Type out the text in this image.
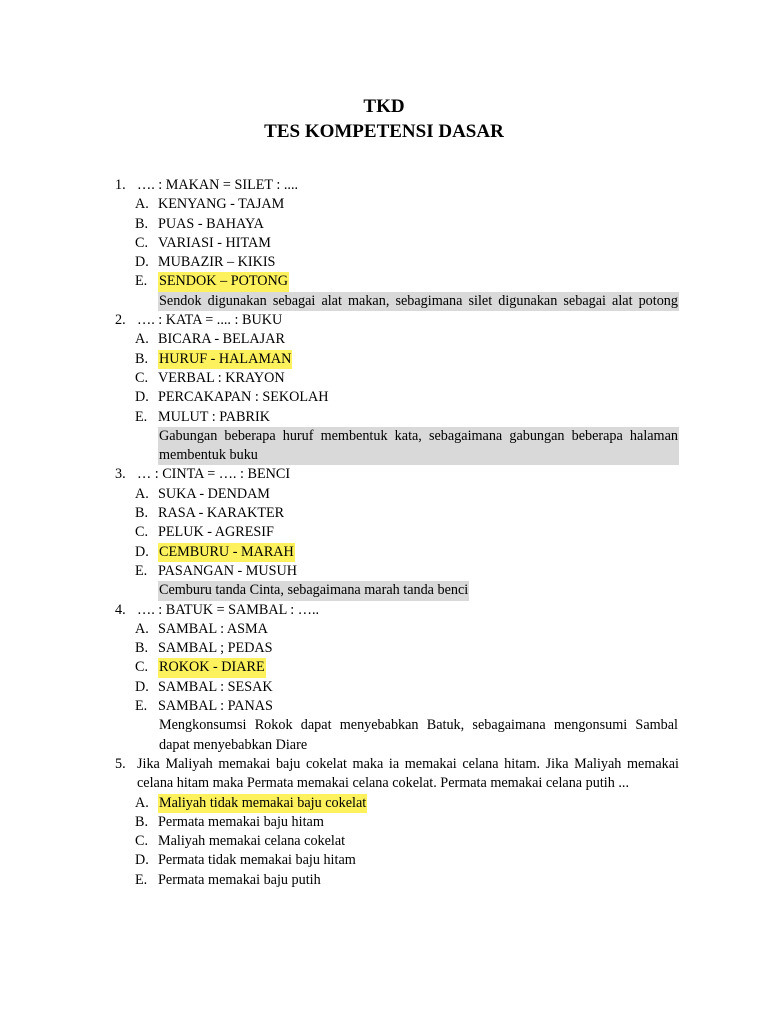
TKD
TES KOMPETENSI DASAR
1. …. : MAKAN = SILET : ....
A. KENYANG - TAJAM
B. PUAS - BAHAYA
C. VARIASI - HITAM
D. MUBAZIR – KIKIS
E. SENDOK – POTONG
Sendok digunakan sebagai alat makan, sebagimana silet digunakan sebagai alat potong
2. …. : KATA = .... : BUKU
A. BICARA - BELAJAR
B. HURUF - HALAMAN
C. VERBAL : KRAYON
D. PERCAKAPAN : SEKOLAH
E. MULUT : PABRIK
Gabungan beberapa huruf membentuk kata, sebagaimana gabungan beberapa halaman
membentuk buku
3. … : CINTA = …. : BENCI
A. SUKA - DENDAM
B. RASA - KARAKTER
C. PELUK - AGRESIF
D. CEMBURU - MARAH
E. PASANGAN - MUSUH
Cemburu tanda Cinta, sebagaimana marah tanda benci
4. …. : BATUK = SAMBAL : …..
A. SAMBAL : ASMA
B. SAMBAL ; PEDAS
C. ROKOK - DIARE
D. SAMBAL : SESAK
E. SAMBAL : PANAS
Mengkonsumsi Rokok dapat menyebabkan Batuk, sebagaimana mengonsumi Sambal
dapat menyebabkan Diare
5. Jika Maliyah memakai baju cokelat maka ia memakai celana hitam. Jika Maliyah memakai
celana hitam maka Permata memakai celana cokelat. Permata memakai celana putih ...
A. Maliyah tidak memakai baju cokelat
B. Permata memakai baju hitam
C. Maliyah memakai celana cokelat
D. Permata tidak memakai baju hitam
E. Permata memakai baju putih
